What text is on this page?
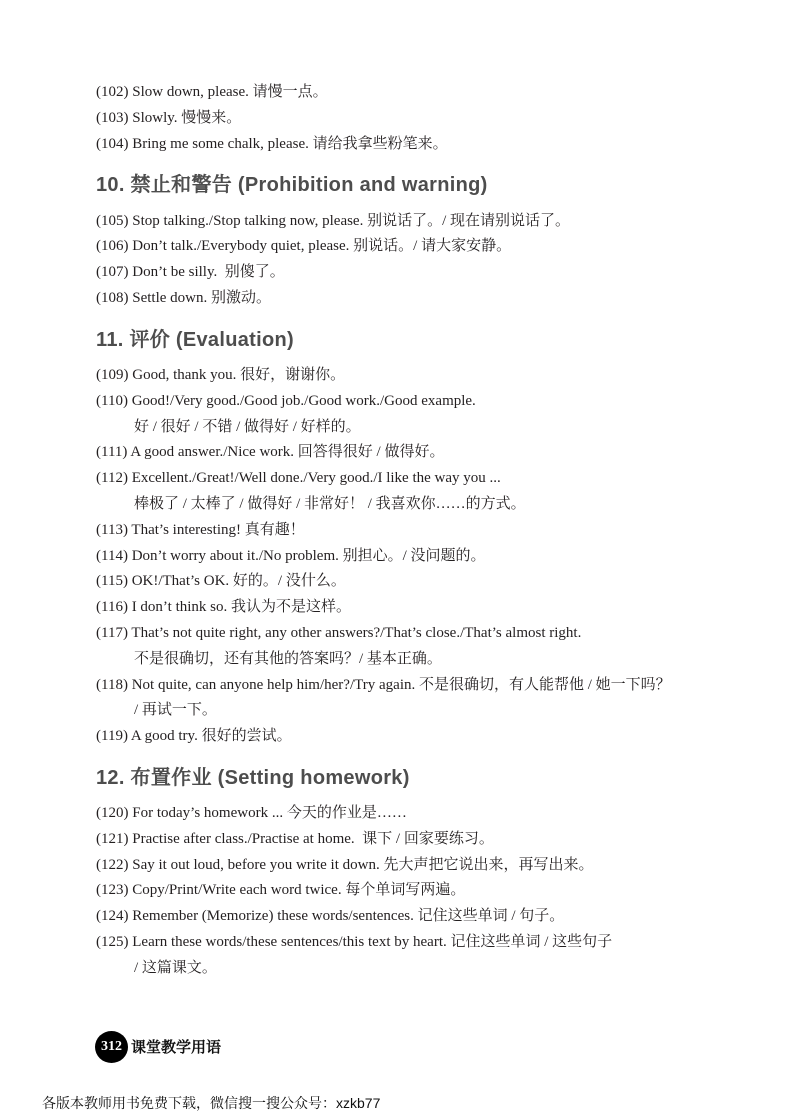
(102) Slow down, please. 请慢一点。
(103) Slowly. 慢慢来。
(104) Bring me some chalk, please. 请给我拿些粉笔来。
10. 禁止和警告 (Prohibition and warning)
(105) Stop talking./Stop talking now, please. 别说话了。/ 现在请别说话了。
(106) Don’t talk./Everybody quiet, please. 别说话。/ 请大家安静。
(107) Don’t be silly.  别傻了。
(108) Settle down. 别激动。
11. 评价 (Evaluation)
(109) Good, thank you. 很好，谢谢你。
(110) Good!/Very good./Good job./Good work./Good example.
好 / 很好 / 不错 / 做得好 / 好样的。
(111) A good answer./Nice work. 回答得很好 / 做得好。
(112) Excellent./Great!/Well done./Very good./I like the way you ...
棒极了 / 太棒了 / 做得好 / 非常好！ / 我喜欢你……的方式。
(113) That’s interesting! 真有趣！
(114) Don’t worry about it./No problem. 别担心。/ 没问题的。
(115) OK!/That’s OK. 好的。/ 没什么。
(116) I don’t think so. 我认为不是这样。
(117) That’s not quite right, any other answers?/That’s close./That’s almost right.
不是很确切，还有其他的答案吗？/ 基本正确。
(118) Not quite, can anyone help him/her?/Try again. 不是很确切，有人能帮他 / 她一下吗？
/ 再试一下。
(119) A good try. 很好的尝试。
12. 布置作业 (Setting homework)
(120) For today’s homework ... 今天的作业是……
(121) Practise after class./Practise at home.  课下 / 回家要练习。
(122) Say it out loud, before you write it down. 先大声把它说出来，再写出来。
(123) Copy/Print/Write each word twice. 每个单词写两遍。
(124) Remember (Memorize) these words/sentences. 记住这些单词 / 句子。
(125) Learn these words/these sentences/this text by heart. 记住这些单词 / 这些句子
/ 这篇课文。
312 课堂教学用语
各版本教师用书免费下载，微信搜一搜公众号：xzkb77
